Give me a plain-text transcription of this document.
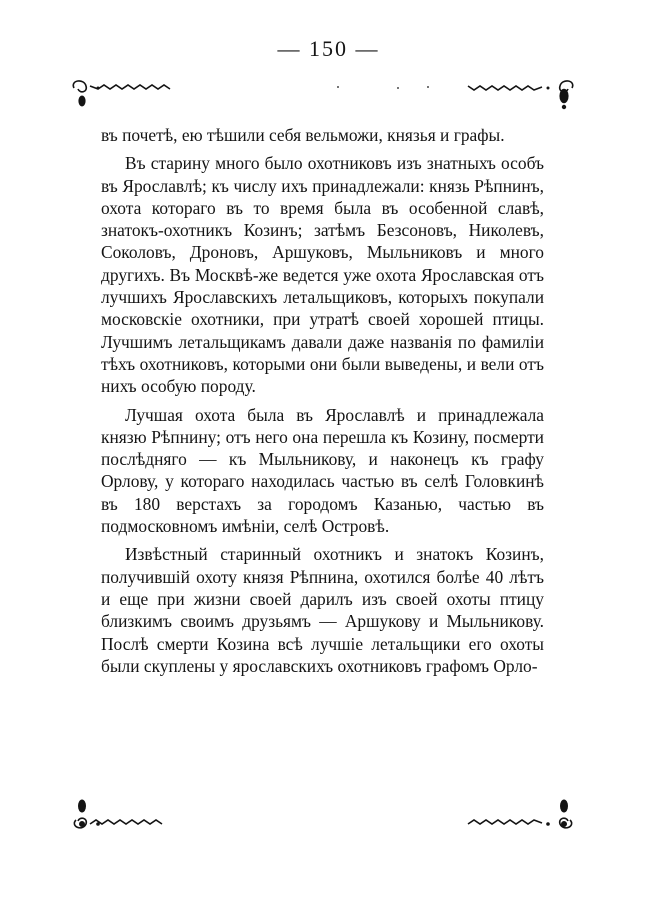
— 150 —

въ почетѣ, ею тѣшили себя вельможи, князья и графы.

Въ старину много было охотниковъ изъ знатныхъ особъ въ Ярославлѣ; къ числу ихъ принадлежали: князь Рѣпнинъ, охота котораго въ то время была въ особенной славѣ, знатокъ-охотникъ Козинъ; затѣмъ Безсоновъ, Николевъ, Соколовъ, Дроновъ, Аршуковъ, Мыльниковъ и много другихъ. Въ Москвѣ-же ведется уже охота Ярославская отъ лучшихъ Ярославскихъ летальщиковъ, которыхъ покупали московскіе охотники, при утратѣ своей хорошей птицы. Лучшимъ летальщикамъ давали даже названія по фамиліи тѣхъ охотниковъ, которыми они были выведены, и вели отъ нихъ особую породу.

Лучшая охота была въ Ярославлѣ и принадлежала князю Рѣпнину; отъ него она перешла къ Козину, посмерти послѣдняго — къ Мыльникову, и наконецъ къ графу Орлову, у котораго находилась частью въ селѣ Головкинѣ въ 180 верстахъ за городомъ Казанью, частью въ подмосковномъ имѣніи, селѣ Островѣ.

Извѣстный старинный охотникъ и знатокъ Козинъ, получившій охоту князя Рѣпнина, охотился болѣе 40 лѣтъ и еще при жизни своей дарилъ изъ своей охоты птицу близкимъ своимъ друзьямъ — Аршукову и Мыльникову. Послѣ смерти Козина всѣ лучшіе летальщики его охоты были скуплены у ярославскихъ охотниковъ графомъ Орло-
